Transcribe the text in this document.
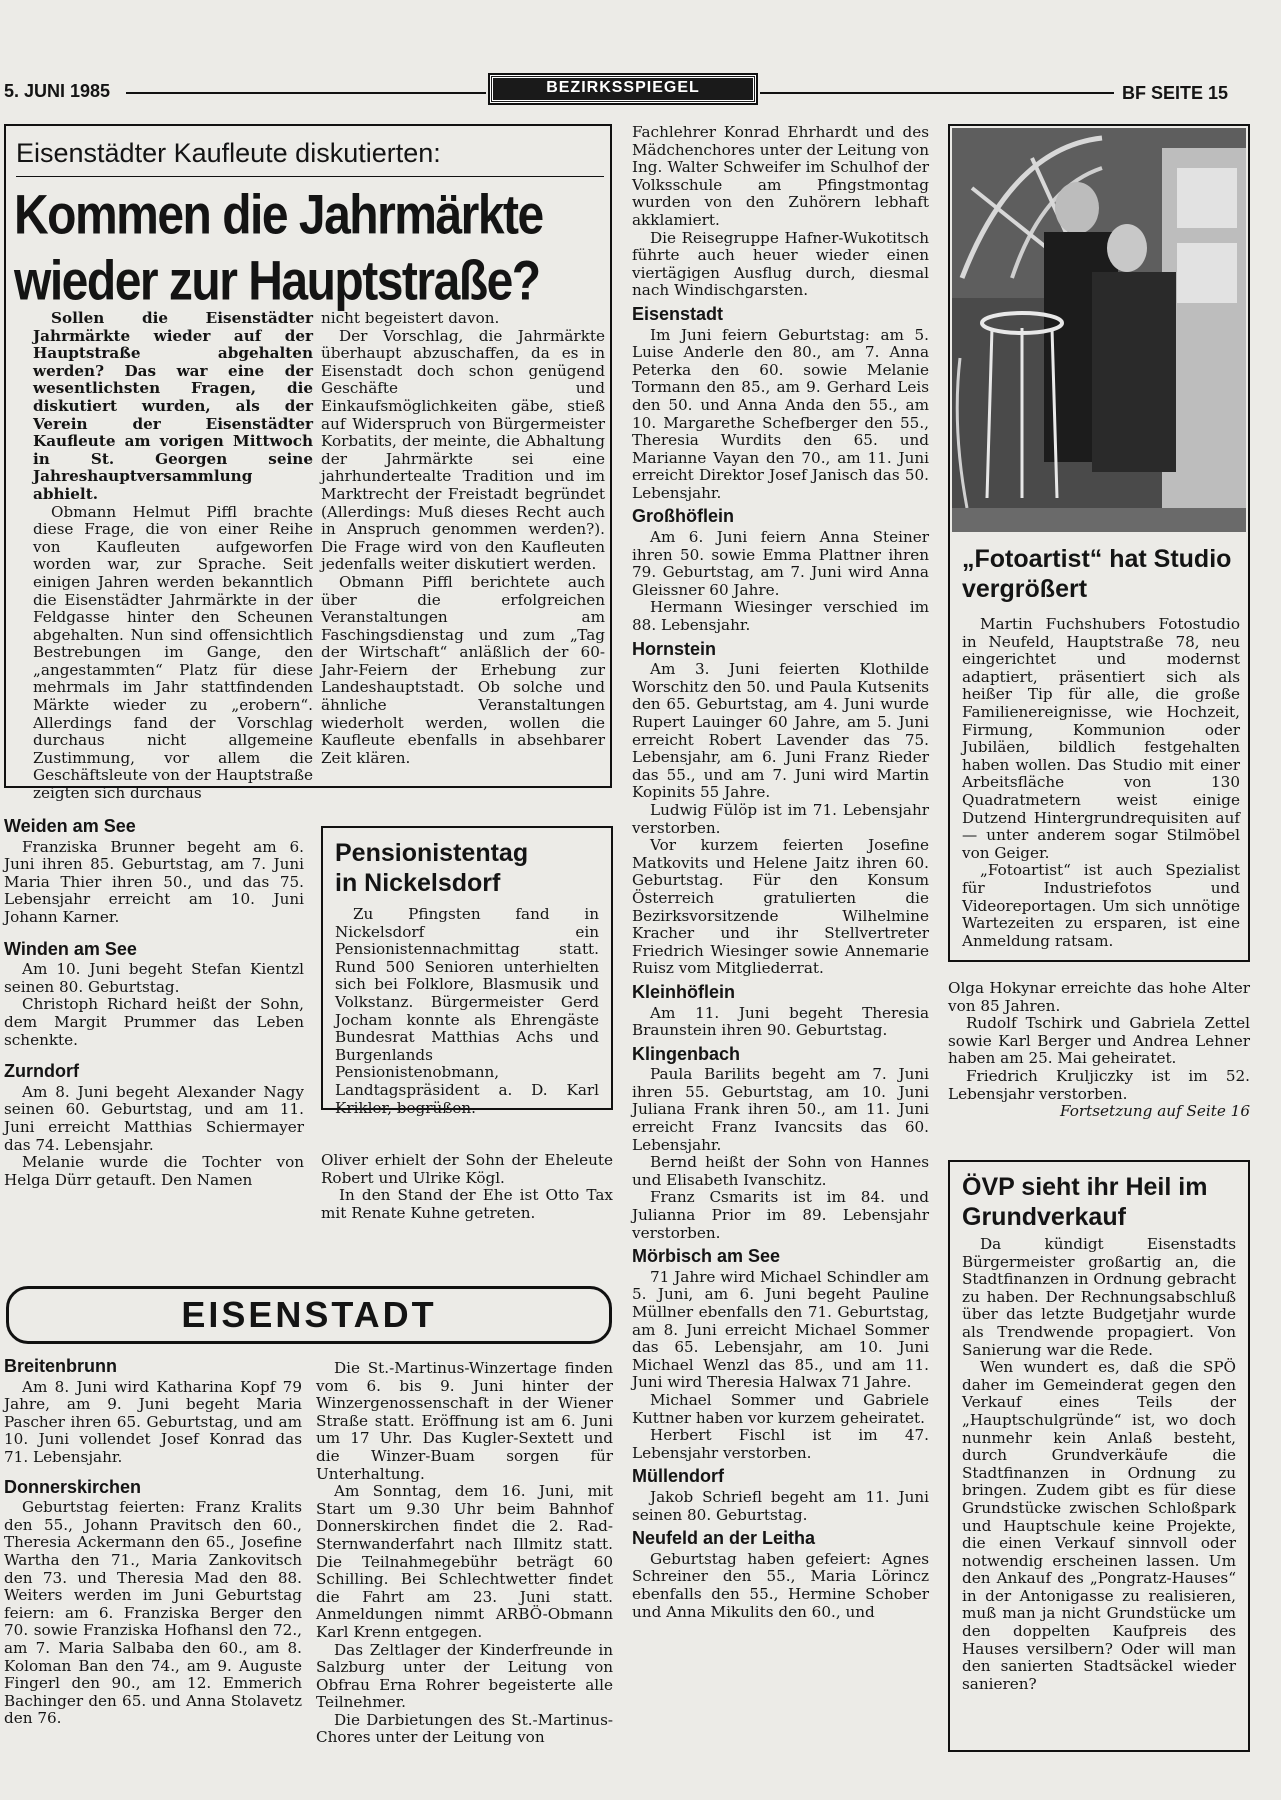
5. JUNI 1985	BEZIRKSSPIEGEL	BF SEITE 15
Eisenstädter Kaufleute diskutierten:
Kommen die Jahrmärkte
wieder zur Hauptstraße?

Sollen die Eisenstädter Jahrmärkte wieder auf der Hauptstraße abgehalten werden? Das war eine der wesentlichsten Fragen, die diskutiert wurden, als der Verein der Eisenstädter Kaufleute am vorigen Mittwoch in St. Georgen seine Jahreshauptversammlung abhielt.

Obmann Helmut Piffl brachte diese Frage, die von einer Reihe von Kaufleuten aufgeworfen worden war, zur Sprache. Seit einigen Jahren werden bekanntlich die Eisenstädter Jahrmärkte in der Feldgasse hinter den Scheunen abgehalten. Nun sind offensichtlich Bestrebungen im Gange, den „angestammten“ Platz für diese mehrmals im Jahr stattfindenden Märkte wieder zu „erobern“. Allerdings fand der Vorschlag durchaus nicht allgemeine Zustimmung, vor allem die Geschäftsleute von der Hauptstraße zeigten sich durchaus

nicht begeistert davon.

Der Vorschlag, die Jahrmärkte überhaupt abzuschaffen, da es in Eisenstadt doch schon genügend Geschäfte und Einkaufsmöglichkeiten gäbe, stieß auf Widerspruch von Bürgermeister Korbatits, der meinte, die Abhaltung der Jahrmärkte sei eine jahrhundertealte Tradition und im Marktrecht der Freistadt begründet (Allerdings: Muß dieses Recht auch in Anspruch genommen werden?). Die Frage wird von den Kaufleuten jedenfalls weiter diskutiert werden.

Obmann Piffl berichtete auch über die erfolgreichen Veranstaltungen am Faschingsdienstag und zum „Tag der Wirtschaft“ anläßlich der 60-Jahr-Feiern der Erhebung zur Landeshauptstadt. Ob solche und ähnliche Veranstaltungen wiederholt werden, wollen die Kaufleute ebenfalls in absehbarer Zeit klären.

Weiden am See

Franziska Brunner begeht am 6. Juni ihren 85. Geburtstag, am 7. Juni Maria Thier ihren 50., und das 75. Lebensjahr erreicht am 10. Juni Johann Karner.

Winden am See

Am 10. Juni begeht Stefan Kientzl seinen 80. Geburtstag.

Christoph Richard heißt der Sohn, dem Margit Prummer das Leben schenkte.

Zurndorf

Am 8. Juni begeht Alexander Nagy seinen 60. Geburtstag, und am 11. Juni erreicht Matthias Schiermayer das 74. Lebensjahr.

Melanie wurde die Tochter von Helga Dürr getauft. Den Namen

Pensionistentag in Nickelsdorf

Zu Pfingsten fand in Nickelsdorf ein Pensionistennachmittag statt. Rund 500 Senioren unterhielten sich bei Folklore, Blasmusik und Volkstanz. Bürgermeister Gerd Jocham konnte als Ehrengäste Bundesrat Matthias Achs und Burgenlands Pensionistenobmann, Landtagspräsident a. D. Karl Krikler, begrüßen.

Oliver erhielt der Sohn der Eheleute Robert und Ulrike Kögl.

In den Stand der Ehe ist Otto Tax mit Renate Kuhne getreten.

EISENSTADT
Breitenbrunn

Am 8. Juni wird Katharina Kopf 79 Jahre, am 9. Juni begeht Maria Pascher ihren 65. Geburtstag, und am 10. Juni vollendet Josef Konrad das 71. Lebensjahr.

Donnerskirchen

Geburtstag feierten: Franz Kralits den 55., Johann Pravitsch den 60., Theresia Ackermann den 65., Josefine Wartha den 71., Maria Zankovitsch den 73. und Theresia Mad den 88. Weiters werden im Juni Geburtstag feiern: am 6. Franziska Berger den 70. sowie Franziska Hofhansl den 72., am 7. Maria Salbaba den 60., am 8. Koloman Ban den 74., am 9. Auguste Fingerl den 90., am 12. Emmerich Bachinger den 65. und Anna Stolavetz den 76.

Die St.-Martinus-Winzertage finden vom 6. bis 9. Juni hinter der Winzergenossenschaft in der Wiener Straße statt. Eröffnung ist am 6. Juni um 17 Uhr. Das Kugler-Sextett und die Winzer-Buam sorgen für Unterhaltung.

Am Sonntag, dem 16. Juni, mit Start um 9.30 Uhr beim Bahnhof Donnerskirchen findet die 2. Rad-Sternwanderfahrt nach Illmitz statt. Die Teilnahmegebühr beträgt 60 Schilling. Bei Schlechtwetter findet die Fahrt am 23. Juni statt. Anmeldungen nimmt ARBÖ-Obmann Karl Krenn entgegen.

Das Zeltlager der Kinderfreunde in Salzburg unter der Leitung von Obfrau Erna Rohrer begeisterte alle Teilnehmer.

Die Darbietungen des St.-Martinus-Chores unter der Leitung von

Fachlehrer Konrad Ehrhardt und des Mädchenchores unter der Leitung von Ing. Walter Schweifer im Schulhof der Volksschule am Pfingstmontag wurden von den Zuhörern lebhaft akklamiert.

Die Reisegruppe Hafner-Wukotitsch führte auch heuer wieder einen viertägigen Ausflug durch, diesmal nach Windischgarsten.

Eisenstadt

Im Juni feiern Geburtstag: am 5. Luise Anderle den 80., am 7. Anna Peterka den 60. sowie Melanie Tormann den 85., am 9. Gerhard Leis den 50. und Anna Anda den 55., am 10. Margarethe Schefberger den 55., Theresia Wurdits den 65. und Marianne Vayan den 70., am 11. Juni erreicht Direktor Josef Janisch das 50. Lebensjahr.

Großhöflein

Am 6. Juni feiern Anna Steiner ihren 50. sowie Emma Plattner ihren 79. Geburtstag, am 7. Juni wird Anna Gleissner 60 Jahre.

Hermann Wiesinger verschied im 88. Lebensjahr.

Hornstein

Am 3. Juni feierten Klothilde Worschitz den 50. und Paula Kutsenits den 65. Geburtstag, am 4. Juni wurde Rupert Lauinger 60 Jahre, am 5. Juni erreicht Robert Lavender das 75. Lebensjahr, am 6. Juni Franz Rieder das 55., und am 7. Juni wird Martin Kopinits 55 Jahre.

Ludwig Fülöp ist im 71. Lebensjahr verstorben.

Vor kurzem feierten Josefine Matkovits und Helene Jaitz ihren 60. Geburtstag. Für den Konsum Österreich gratulierten die Bezirksvorsitzende Wilhelmine Kracher und ihr Stellvertreter Friedrich Wiesinger sowie Annemarie Ruisz vom Mitgliederrat.

Kleinhöflein

Am 11. Juni begeht Theresia Braunstein ihren 90. Geburtstag.

Klingenbach

Paula Barilits begeht am 7. Juni ihren 55. Geburtstag, am 10. Juni Juliana Frank ihren 50., am 11. Juni erreicht Franz Ivancsits das 60. Lebensjahr.

Bernd heißt der Sohn von Hannes und Elisabeth Ivanschitz.

Franz Csmarits ist im 84. und Julianna Prior im 89. Lebensjahr verstorben.

Mörbisch am See

71 Jahre wird Michael Schindler am 5. Juni, am 6. Juni begeht Pauline Müllner ebenfalls den 71. Geburtstag, am 8. Juni erreicht Michael Sommer das 65. Lebensjahr, am 10. Juni Michael Wenzl das 85., und am 11. Juni wird Theresia Halwax 71 Jahre.

Michael Sommer und Gabriele Kuttner haben vor kurzem geheiratet.

Herbert Fischl ist im 47. Lebensjahr verstorben.

Müllendorf

Jakob Schriefl begeht am 11. Juni seinen 80. Geburtstag.

Neufeld an der Leitha

Geburtstag haben gefeiert: Agnes Schreiner den 55., Maria Lörincz ebenfalls den 55., Hermine Schober und Anna Mikulits den 60., und

„Fotoartist“ hat Studio vergrößert

Martin Fuchshubers Fotostudio in Neufeld, Hauptstraße 78, neu eingerichtet und modernst adaptiert, präsentiert sich als heißer Tip für alle, die große Familienereignisse, wie Hochzeit, Firmung, Kommunion oder Jubiläen, bildlich festgehalten haben wollen. Das Studio mit einer Arbeitsfläche von 130 Quadratmetern weist einige Dutzend Hintergrundrequisiten auf — unter anderem sogar Stilmöbel von Geiger.

„Fotoartist“ ist auch Spezialist für Industriefotos und Videoreportagen. Um sich unnötige Wartezeiten zu ersparen, ist eine Anmeldung ratsam.

Olga Hokynar erreichte das hohe Alter von 85 Jahren.

Rudolf Tschirk und Gabriela Zettel sowie Karl Berger und Andrea Lehner haben am 25. Mai geheiratet.

Friedrich Kruljiczky ist im 52. Lebensjahr verstorben.

Fortsetzung auf Seite 16
ÖVP sieht ihr Heil im Grundverkauf

Da kündigt Eisenstadts Bürgermeister großartig an, die Stadtfinanzen in Ordnung gebracht zu haben. Der Rechnungsabschluß über das letzte Budgetjahr wurde als Trendwende propagiert. Von Sanierung war die Rede.

Wen wundert es, daß die SPÖ daher im Gemeinderat gegen den Verkauf eines Teils der „Hauptschulgründe“ ist, wo doch nunmehr kein Anlaß besteht, durch Grundverkäufe die Stadtfinanzen in Ordnung zu bringen. Zudem gibt es für diese Grundstücke zwischen Schloßpark und Hauptschule keine Projekte, die einen Verkauf sinnvoll oder notwendig erscheinen lassen. Um den Ankauf des „Pongratz-Hauses“ in der Antonigasse zu realisieren, muß man ja nicht Grundstücke um den doppelten Kaufpreis des Hauses versilbern? Oder will man den sanierten Stadtsäckel wieder sanieren?
